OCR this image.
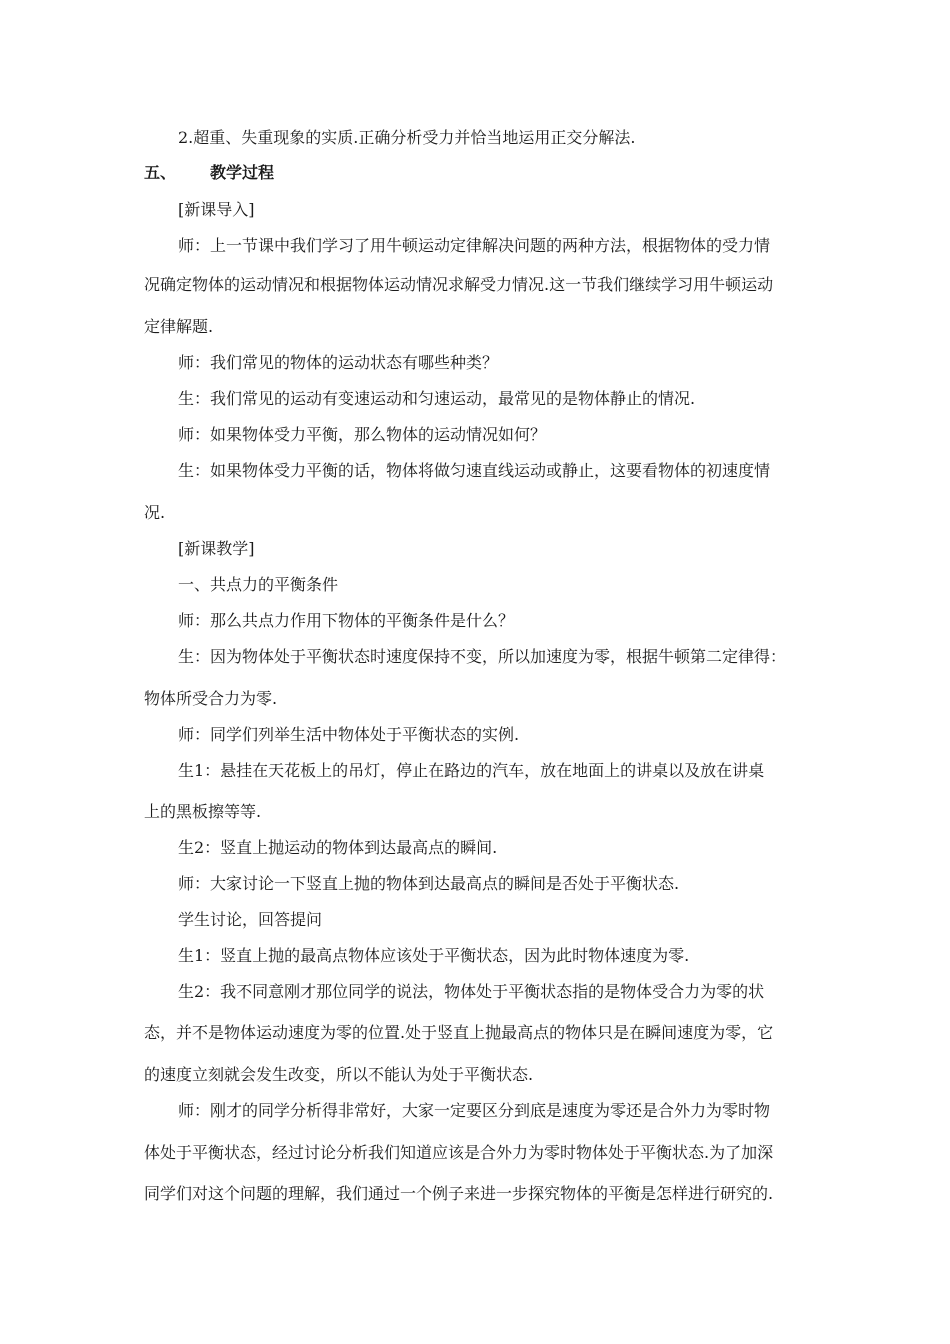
2.超重、失重现象的实质.正确分析受力并恰当地运用正交分解法.
五、 教学过程
[新课导入]
师：上一节课中我们学习了用牛顿运动定律解决问题的两种方法，根据物体的受力情
况确定物体的运动情况和根据物体运动情况求解受力情况.这一节我们继续学习用牛顿运动
定律解题.
师：我们常见的物体的运动状态有哪些种类？
生：我们常见的运动有变速运动和匀速运动，最常见的是物体静止的情况.
师：如果物体受力平衡，那么物体的运动情况如何？
生：如果物体受力平衡的话，物体将做匀速直线运动或静止，这要看物体的初速度情
况.
[新课教学]
一、共点力的平衡条件
师：那么共点力作用下物体的平衡条件是什么？
生：因为物体处于平衡状态时速度保持不变，所以加速度为零，根据牛顿第二定律得：
物体所受合力为零.
师：同学们列举生活中物体处于平衡状态的实例.
生1：悬挂在天花板上的吊灯，停止在路边的汽车，放在地面上的讲桌以及放在讲桌
上的黑板擦等等.
生2：竖直上抛运动的物体到达最高点的瞬间.
师：大家讨论一下竖直上抛的物体到达最高点的瞬间是否处于平衡状态.
学生讨论，回答提问
生1：竖直上抛的最高点物体应该处于平衡状态，因为此时物体速度为零.
生2：我不同意刚才那位同学的说法，物体处于平衡状态指的是物体受合力为零的状
态，并不是物体运动速度为零的位置.处于竖直上抛最高点的物体只是在瞬间速度为零，它
的速度立刻就会发生改变，所以不能认为处于平衡状态.
师：刚才的同学分析得非常好，大家一定要区分到底是速度为零还是合外力为零时物
体处于平衡状态，经过讨论分析我们知道应该是合外力为零时物体处于平衡状态.为了加深
同学们对这个问题的理解，我们通过一个例子来进一步探究物体的平衡是怎样进行研究的.
